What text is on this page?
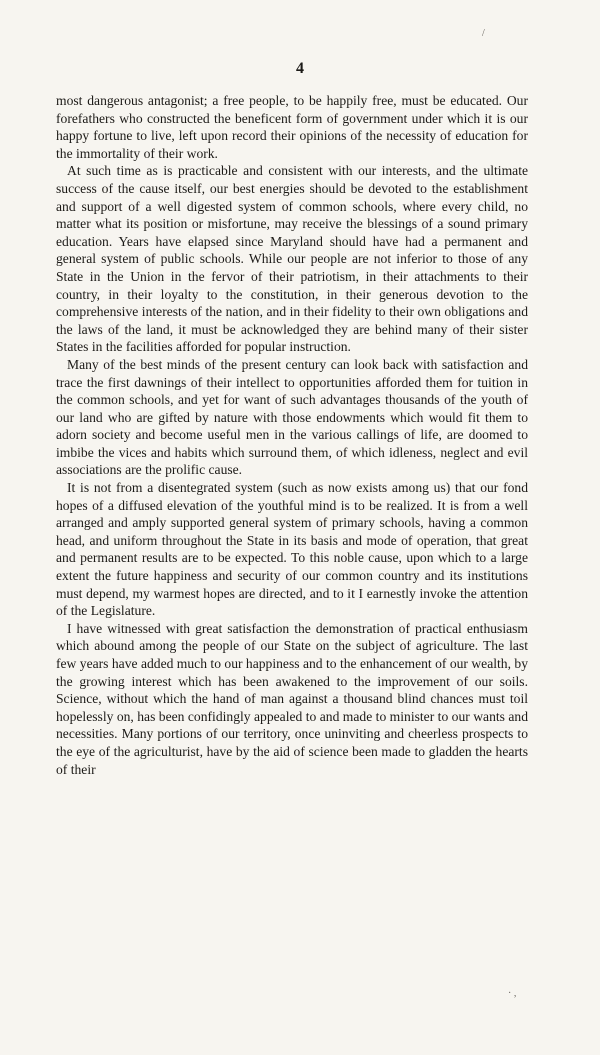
/
4

most dangerous antagonist; a free people, to be happily free, must be educated. Our forefathers who constructed the beneficent form of government under which it is our happy fortune to live, left upon record their opinions of the necessity of education for the immortality of their work.

At such time as is practicable and consistent with our interests, and the ultimate success of the cause itself, our best energies should be devoted to the establishment and support of a well digested system of common schools, where every child, no matter what its position or misfortune, may receive the blessings of a sound primary education. Years have elapsed since Maryland should have had a permanent and general system of public schools. While our people are not inferior to those of any State in the Union in the fervor of their patriotism, in their attachments to their country, in their loyalty to the constitution, in their generous devotion to the comprehensive interests of the nation, and in their fidelity to their own obligations and the laws of the land, it must be acknowledged they are behind many of their sister States in the facilities afforded for popular instruction.

Many of the best minds of the present century can look back with satisfaction and trace the first dawnings of their intellect to opportunities afforded them for tuition in the common schools, and yet for want of such advantages thousands of the youth of our land who are gifted by nature with those endowments which would fit them to adorn society and become useful men in the various callings of life, are doomed to imbibe the vices and habits which surround them, of which idleness, neglect and evil associations are the prolific cause.

It is not from a disentegrated system (such as now exists among us) that our fond hopes of a diffused elevation of the youthful mind is to be realized. It is from a well arranged and amply supported general system of primary schools, having a common head, and uniform throughout the State in its basis and mode of operation, that great and permanent results are to be expected. To this noble cause, upon which to a large extent the future happiness and security of our common country and its institutions must depend, my warmest hopes are directed, and to it I earnestly invoke the attention of the Legislature.

I have witnessed with great satisfaction the demonstration of practical enthusiasm which abound among the people of our State on the subject of agriculture. The last few years have added much to our happiness and to the enhancement of our wealth, by the growing interest which has been awakened to the improvement of our soils. Science, without which the hand of man against a thousand blind chances must toil hopelessly on, has been confidingly appealed to and made to minister to our wants and necessities. Many portions of our territory, once uninviting and cheerless prospects to the eye of the agriculturist, have by the aid of science been made to gladden the hearts of their

· ,
